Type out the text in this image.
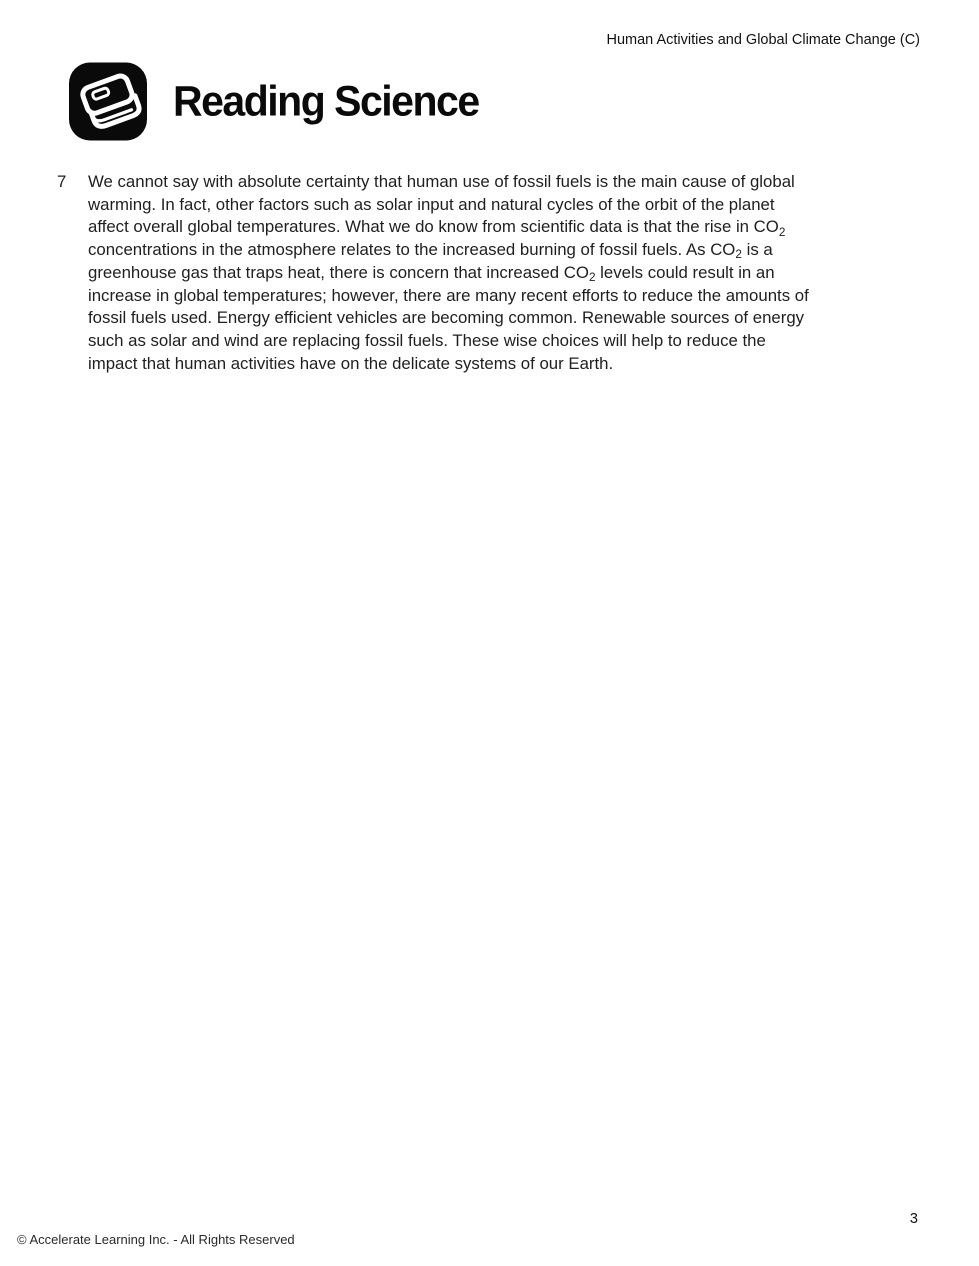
Human Activities and Global Climate Change (C)
Reading Science
7	We cannot say with absolute certainty that human use of fossil fuels is the main cause of global
warming. In fact, other factors such as solar input and natural cycles of the orbit of the planet
affect overall global temperatures. What we do know from scientific data is that the rise in $CO_2$
concentrations in the atmosphere relates to the increased burning of fossil fuels. As $CO_2$ is a
greenhouse gas that traps heat, there is concern that increased $CO_2$ levels could result in an
increase in global temperatures; however, there are many recent efforts to reduce the amounts of
fossil fuels used. Energy efficient vehicles are becoming common. Renewable sources of energy
such as solar and wind are replacing fossil fuels. These wise choices will help to reduce the
impact that human activities have on the delicate systems of our Earth.
© Accelerate Learning Inc. - All Rights Reserved
3
